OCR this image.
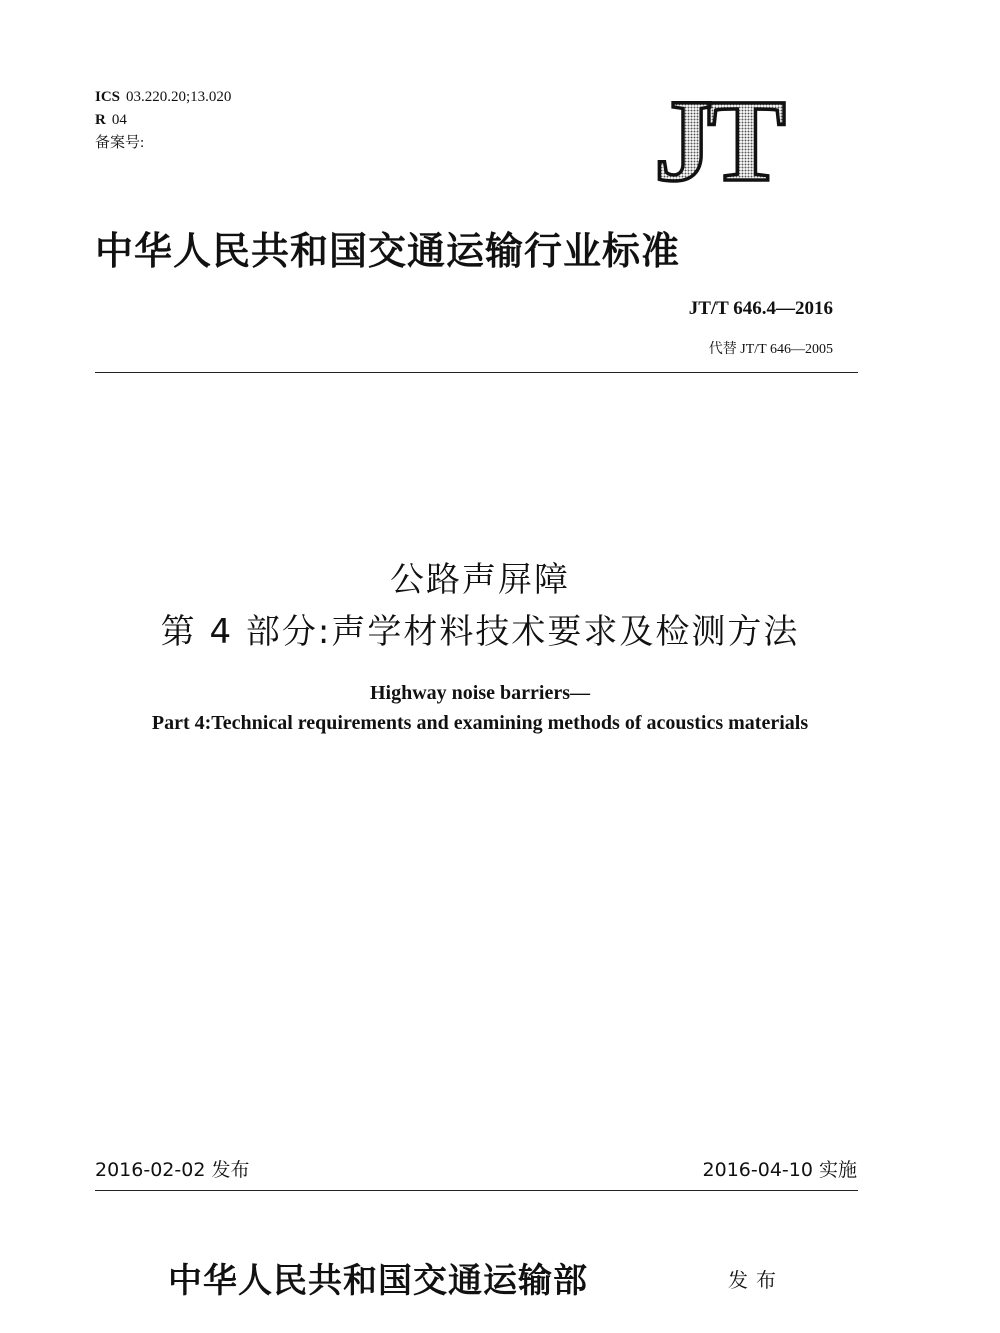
ICS 03.220.20;13.020
R 04
备案号:	JT
中华人民共和国交通运输行业标准
JT/T 646.4—2016
代替 JT/T 646—2005
公路声屏障
第 4 部分:声学材料技术要求及检测方法
Highway noise barriers—
Part 4:Technical requirements and examining methods of acoustics materials
2016-02-02 发布	2016-04-10 实施
中华人民共和国交通运输部	发布
